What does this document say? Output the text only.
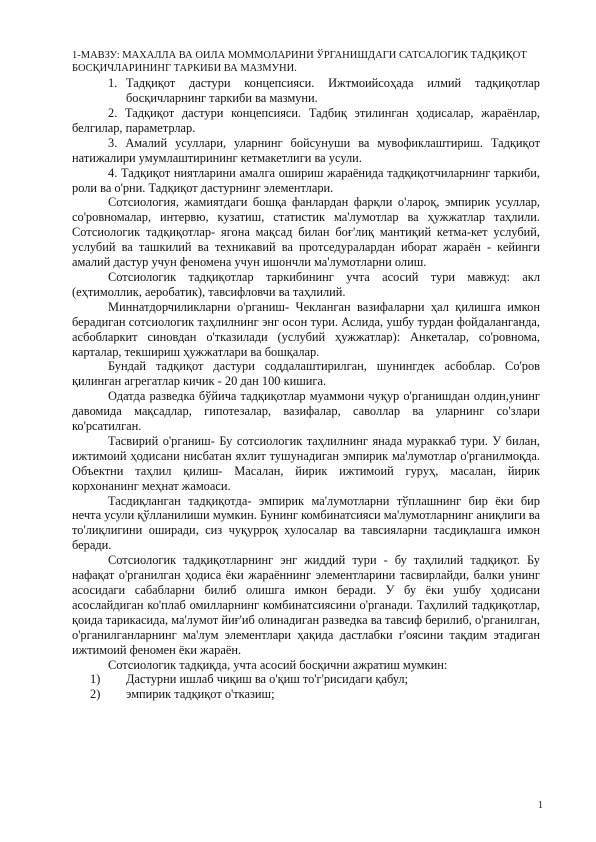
1-МАВЗУ: МАХАЛЛА ВА ОИЛА МОММОЛАРИНИ ЎРГАНИШДАГИ САТСАЛОГИК ТАДҚИҚОТ БОСҚИЧЛАРИНИНГ ТАРКИБИ ВА МАЗМУНИ.
1. Тадқиқот дастури концепсияси. Ижтмоийсоҳада илмий тадқиқотлар босқичларнинг таркиби ва мазмуни.
2. Тадқиқот дастури концепсияси. Тадбиқ этилинган ҳодисалар, жараёнлар, белгилар, параметрлар.
3. Амалий усуллари, уларнинг бойсунуши ва мувофиклаштириш. Тадқиқот натижалири умумлаштирининг кетмакетлиги ва усули.
4. Тадқиқот ниятларини амалга ошириш жараёнида тадқиқотчиларнинг таркиби, роли ва o'рни. Тадқиқот дастурнинг элементлари.

Сотсиология, жамиятдаги бошқа фанлардан фарқли o'лароқ, эмпирик усуллар, со'ровномалар, интервю, кузатиш, статистик ма'лумотлар ва ҳужжатлар таҳлили. Сотсиологик тадқиқотлар- ягона мақсад билан боғ'лиқ мантиқий кетма-кет услубий, услубий ва ташкилий ва техникавий ва протседуралардан иборат жараён - кейинги амалий дастур учун феномена учун ишончли ма'лумотларни олиш.

Сотсиологик тадқиқотлар таркибининг учта асосий тури мавжуд: акл (еҳтимоллик, аеробатик), тавсифловчи ва таҳлилий.

Миннатдорчиликларни o'рганиш- Чекланган вазифаларни ҳал қилишга имкон берадиган сотсиологик таҳлилнинг энг осон тури. Аслида, ушбу турдан фойдаланганда, асбобларкит синовдан o'тказилади (услубий ҳужжатлар): Анкеталар, со'ровнома, карталар, текшириш ҳужжатлари ва бошқалар.

Бундай тадқиқот дастури соддалаштирилган, шунингдек асбоблар. Со'ров қилинган агрегатлар кичик - 20 дан 100 кишига.

Одатда разведка бўйича тадқиқотлар муаммони чуқур o'рганишдан олдин,унинг давомида мақсадлар, гипотезалар, вазифалар, саволлар ва уларнинг со'злари ко'рсатилган.

Тасвирий o'рганиш- Бу сотсиологик таҳлилнинг янада мураккаб тури. У билан, ижтимоий ҳодисани нисбатан яхлит тушунадиган эмпирик ма'лумотлар o'рганилмоқда. Объектни таҳлил қилиш- Масалан, йирик ижтимоий гуруҳ, масалан, йирик корхонанинг меҳнат жамоаси.

Тасдиқланган тадқиқотда- эмпирик ма'лумотларни тўплашнинг бир ёки бир нечта усули қўлланилиши мумкин. Бунинг комбинатсияси ма'лумотларнинг аниқлиги ва то'лиқлигини оширади, сиз чуқурроқ хулосалар ва тавсияларни тасдиқлашга имкон беради.

Сотсиологик тадқиқотларнинг энг жиддий тури - бу таҳлилий тадқиқот. Бу нафақат o'рганилган ҳодиса ёки жараённинг элементларини тасвирлайди, балки унинг асосидаги сабабларни билиб олишга имкон беради. У бу ёки ушбу ҳодисани асослайдиган ко'плаб омилларнинг комбинатсиясини o'рганади. Таҳлилий тадқиқотлар, қоида тарикасида, ма'лумот йиғ'иб олинадиган разведка ва тавсиф берилиб, o'рганилган, o'рганилганларнинг ма'лум элементлари ҳақида дастлабки г'оясини тақдим этадиган ижтимоий феномен ёки жараён.

Сотсиологик тадқиқда, учта асосий босқични ажратиш мумкин:

1) Дастурни ишлаб чиқиш ва o'қиш то'г'рисидаги қабул;
2) эмпирик тадқиқот o'тказиш;
1
